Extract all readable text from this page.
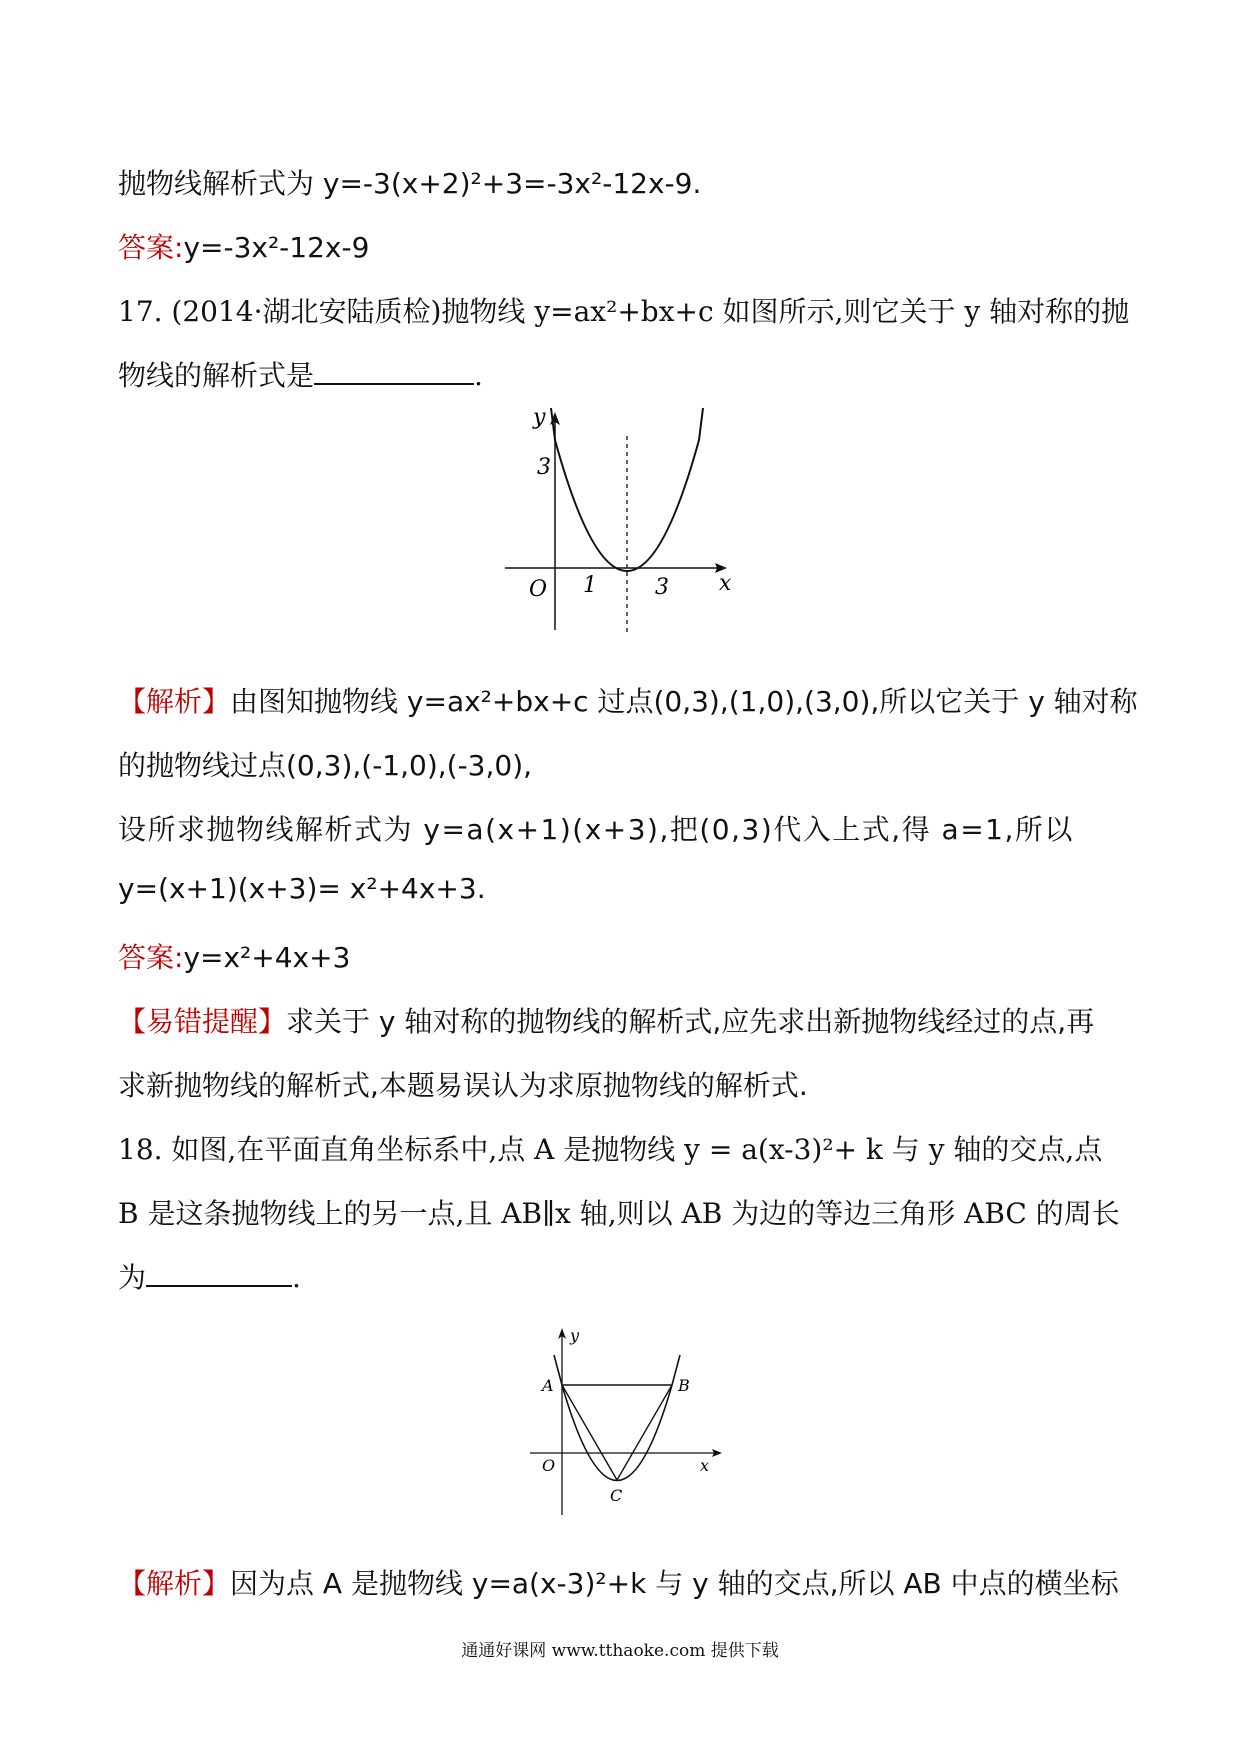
抛物线解析式为 y=-3(x+2)²+3=-3x²-12x-9.
答案:y=-3x²-12x-9
17. (2014·湖北安陆质检)抛物线 y=ax²+bx+c 如图所示,则它关于 y 轴对称的抛
物线的解析式是	.
y
x
O
3
1	3
【解析】由图知抛物线 y=ax²+bx+c 过点(0,3),(1,0),(3,0),所以它关于 y 轴对称
的抛物线过点(0,3),(-1,0),(-3,0),
设所求抛物线解析式为 y=a(x+1)(x+3),把(0,3)代入上式,得 a=1,所以
y=(x+1)(x+3)= x²+4x+3.
答案:y=x²+4x+3
【易错提醒】求关于 y 轴对称的抛物线的解析式,应先求出新抛物线经过的点,再
求新抛物线的解析式,本题易误认为求原抛物线的解析式.
18. 如图,在平面直角坐标系中,点 A 是抛物线 y = a(x-3)²+ k 与 y 轴的交点,点
B 是这条抛物线上的另一点,且 AB∥x 轴,则以 AB 为边的等边三角形 ABC 的周长
为	.
y
x
O
A	B
C
【解析】因为点 A 是抛物线 y=a(x-3)²+k 与 y 轴的交点,所以 AB 中点的横坐标
通通好课网 www.tthaoke.com 提供下载
